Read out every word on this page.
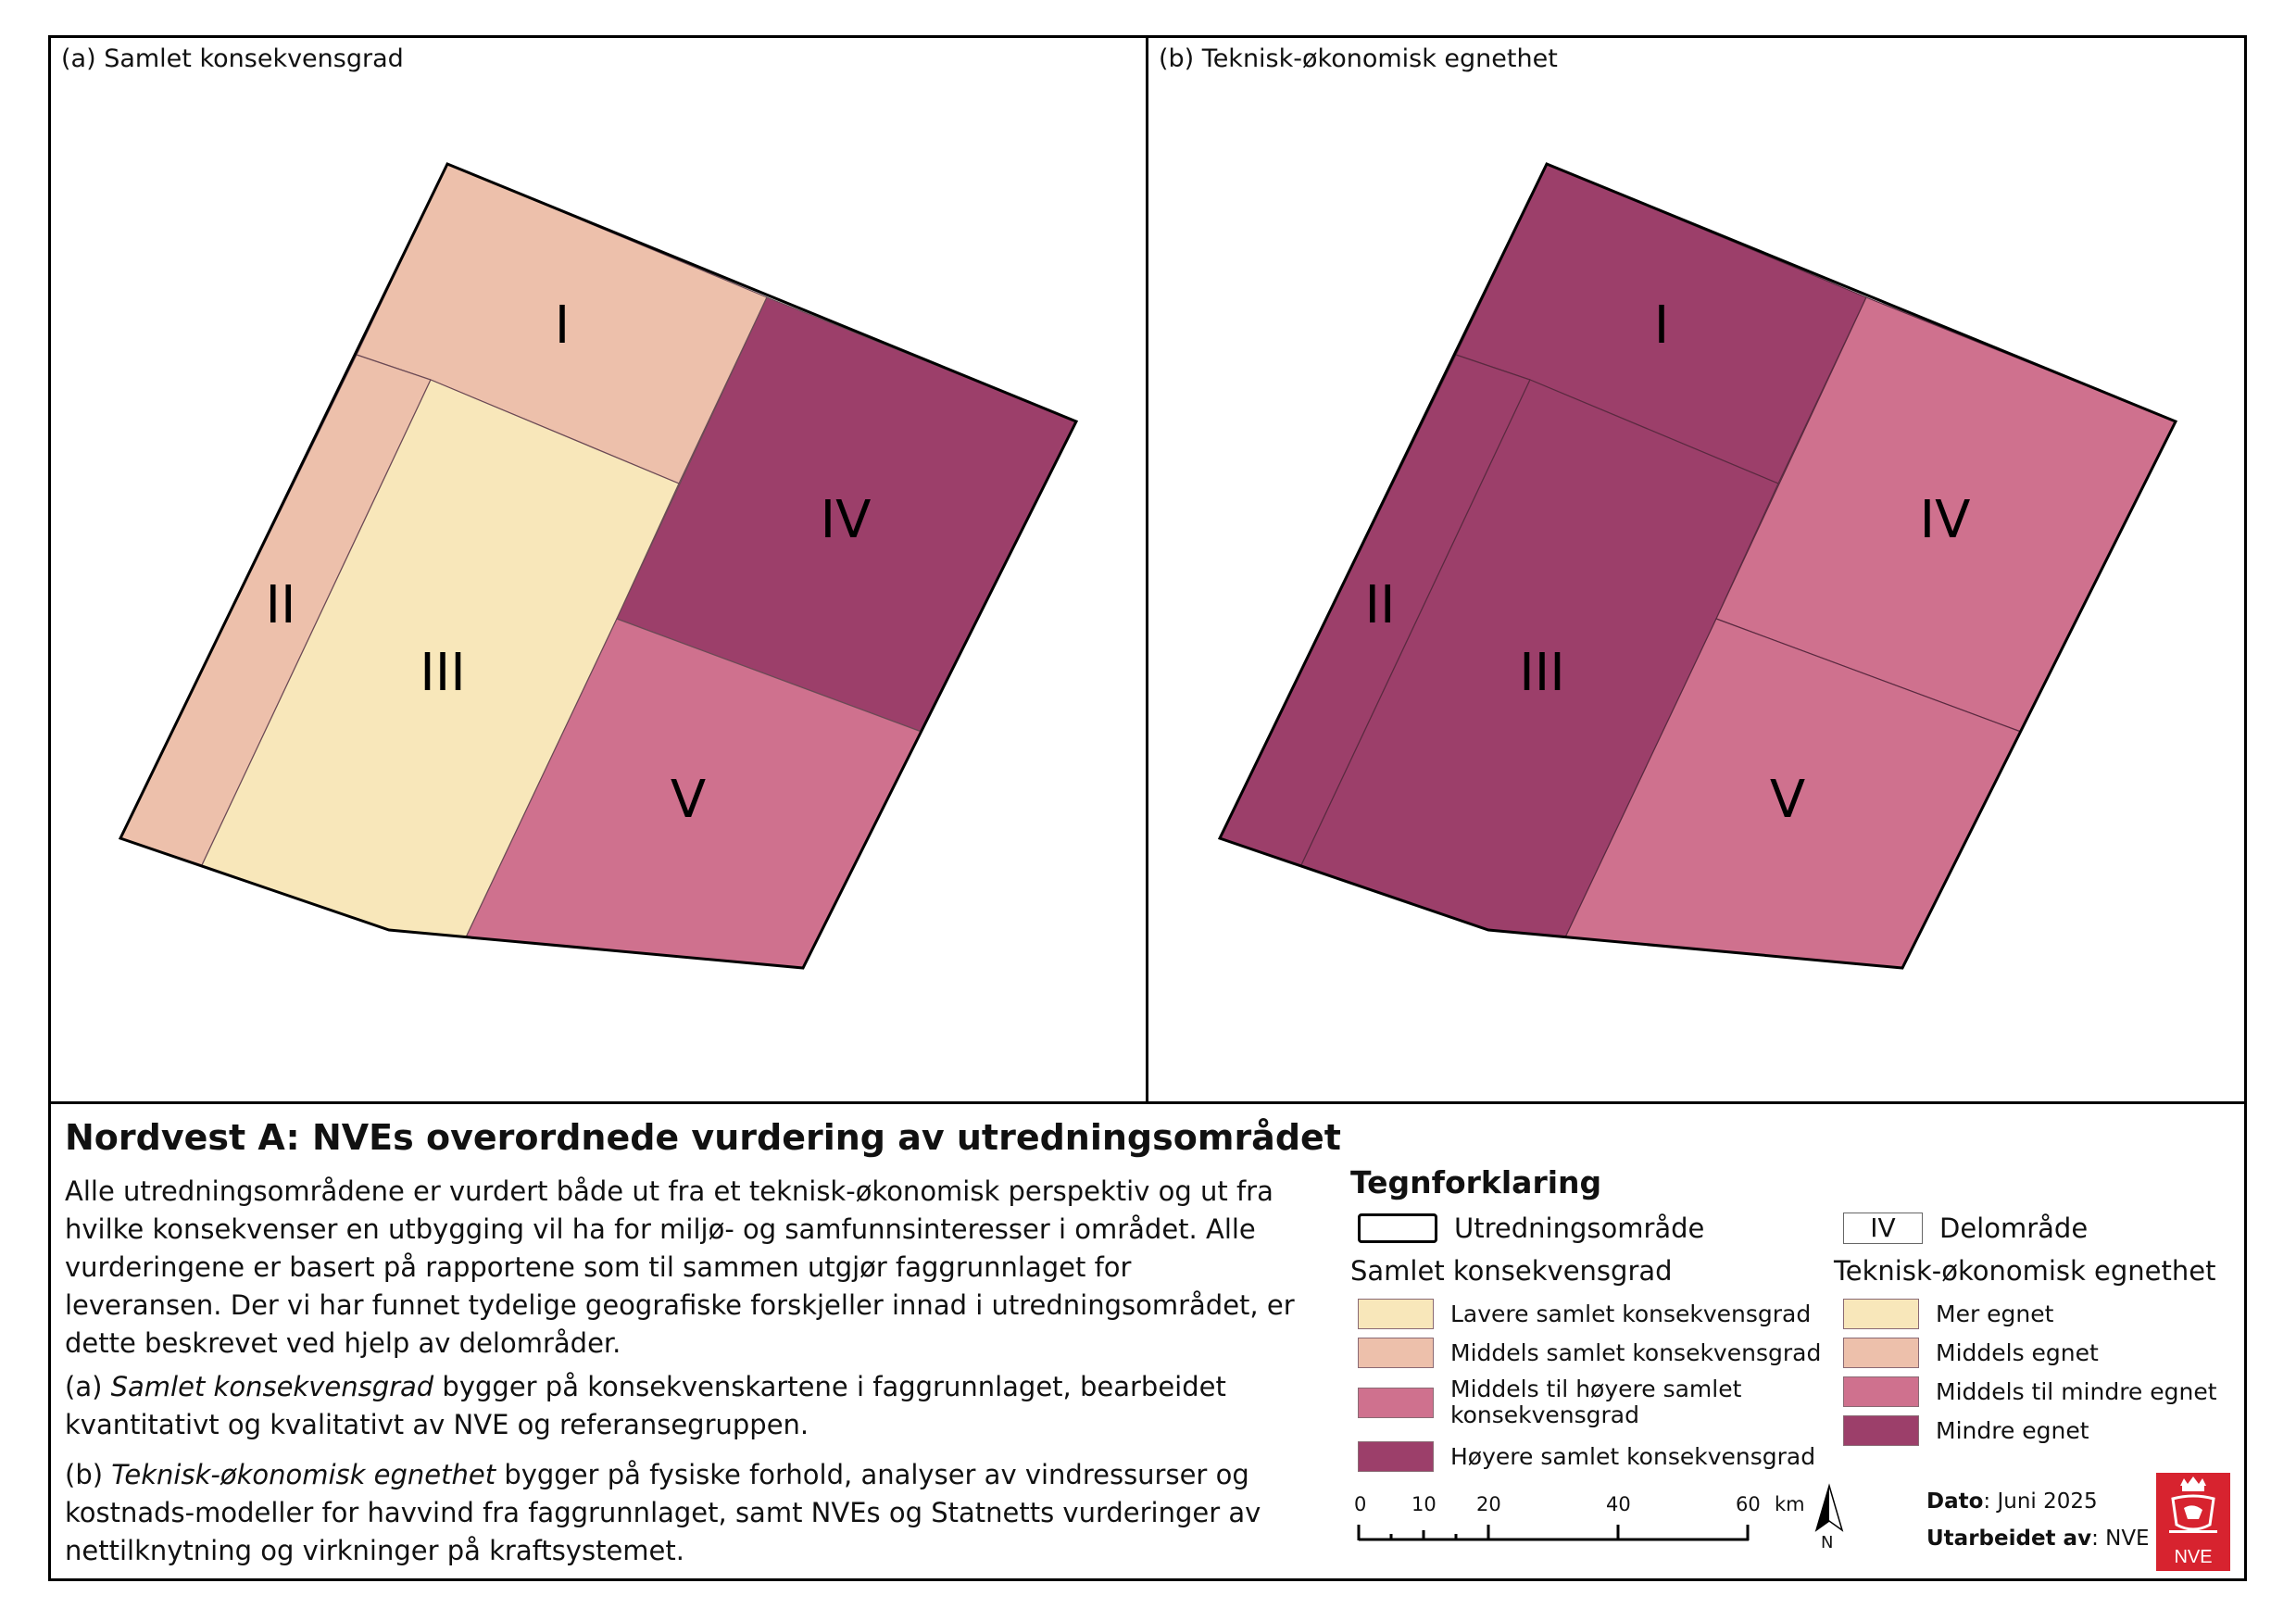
(a) Samlet konsekvensgrad	(b) Teknisk-økonomisk egnethet
I
II
III
IV
V
I
II
III
IV
V
Nordvest A: NVEs overordnede vurdering av utredningsområdet

Alle utredningsområdene er vurdert både ut fra et teknisk-økonomisk perspektiv og ut fra hvilke konsekvenser en utbygging vil ha for miljø- og samfunnsinteresser i området. Alle vurderingene er basert på rapportene som til sammen utgjør faggrunnlaget for leveransen. Der vi har funnet tydelige geografiske forskjeller innad i utredningsområdet, er dette beskrevet ved hjelp av delområder.

(a) Samlet konsekvensgrad bygger på konsekvenskartene i faggrunnlaget, bearbeidet kvantitativt og kvalitativt av NVE og referansegruppen.

(b) Teknisk-økonomisk egnethet bygger på fysiske forhold, analyser av vindressurser og kostnads-modeller for havvind fra faggrunnlaget, samt NVEs og Statnetts vurderinger av nettilknytning og virkninger på kraftsystemet.

Tegnforklaring
Utredningsområde	IV	Delområde
Samlet konsekvensgrad	Teknisk-økonomisk egnethet
Lavere samlet konsekvensgrad
Middels samlet konsekvensgrad
Middels til høyere samlet konsekvensgrad
Høyere samlet konsekvensgrad
Mer egnet
Middels egnet
Middels til mindre egnet
Mindre egnet
0 10 20	40	60 km
N
Dato: Juni 2025
Utarbeidet av: NVE
NVE
